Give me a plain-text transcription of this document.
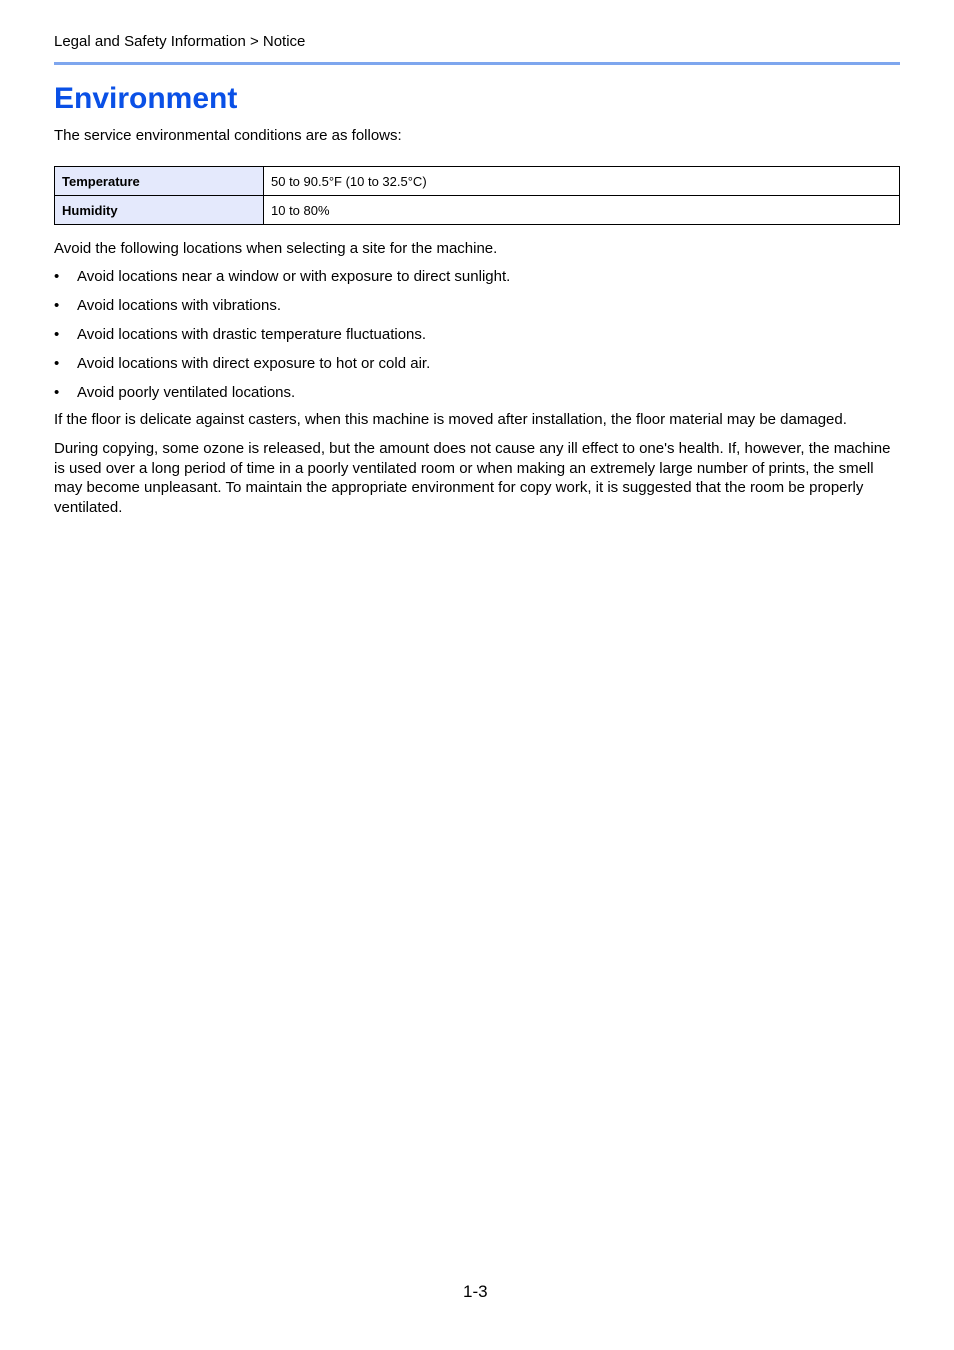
Legal and Safety Information > Notice
Environment
The service environmental conditions are as follows:
Temperature	50 to 90.5°F (10 to 32.5°C)
Humidity	10 to 80%

Avoid the following locations when selecting a site for the machine.

•	Avoid locations near a window or with exposure to direct sunlight.
•	Avoid locations with vibrations.
•	Avoid locations with drastic temperature fluctuations.
•	Avoid locations with direct exposure to hot or cold air.
•	Avoid poorly ventilated locations.

If the floor is delicate against casters, when this machine is moved after installation, the floor material may be damaged.

During copying, some ozone is released, but the amount does not cause any ill effect to one's health. If, however, the machine is used over a long period of time in a poorly ventilated room or when making an extremely large number of prints, the smell may become unpleasant. To maintain the appropriate environment for copy work, it is suggested that the room be properly ventilated.

1-3
